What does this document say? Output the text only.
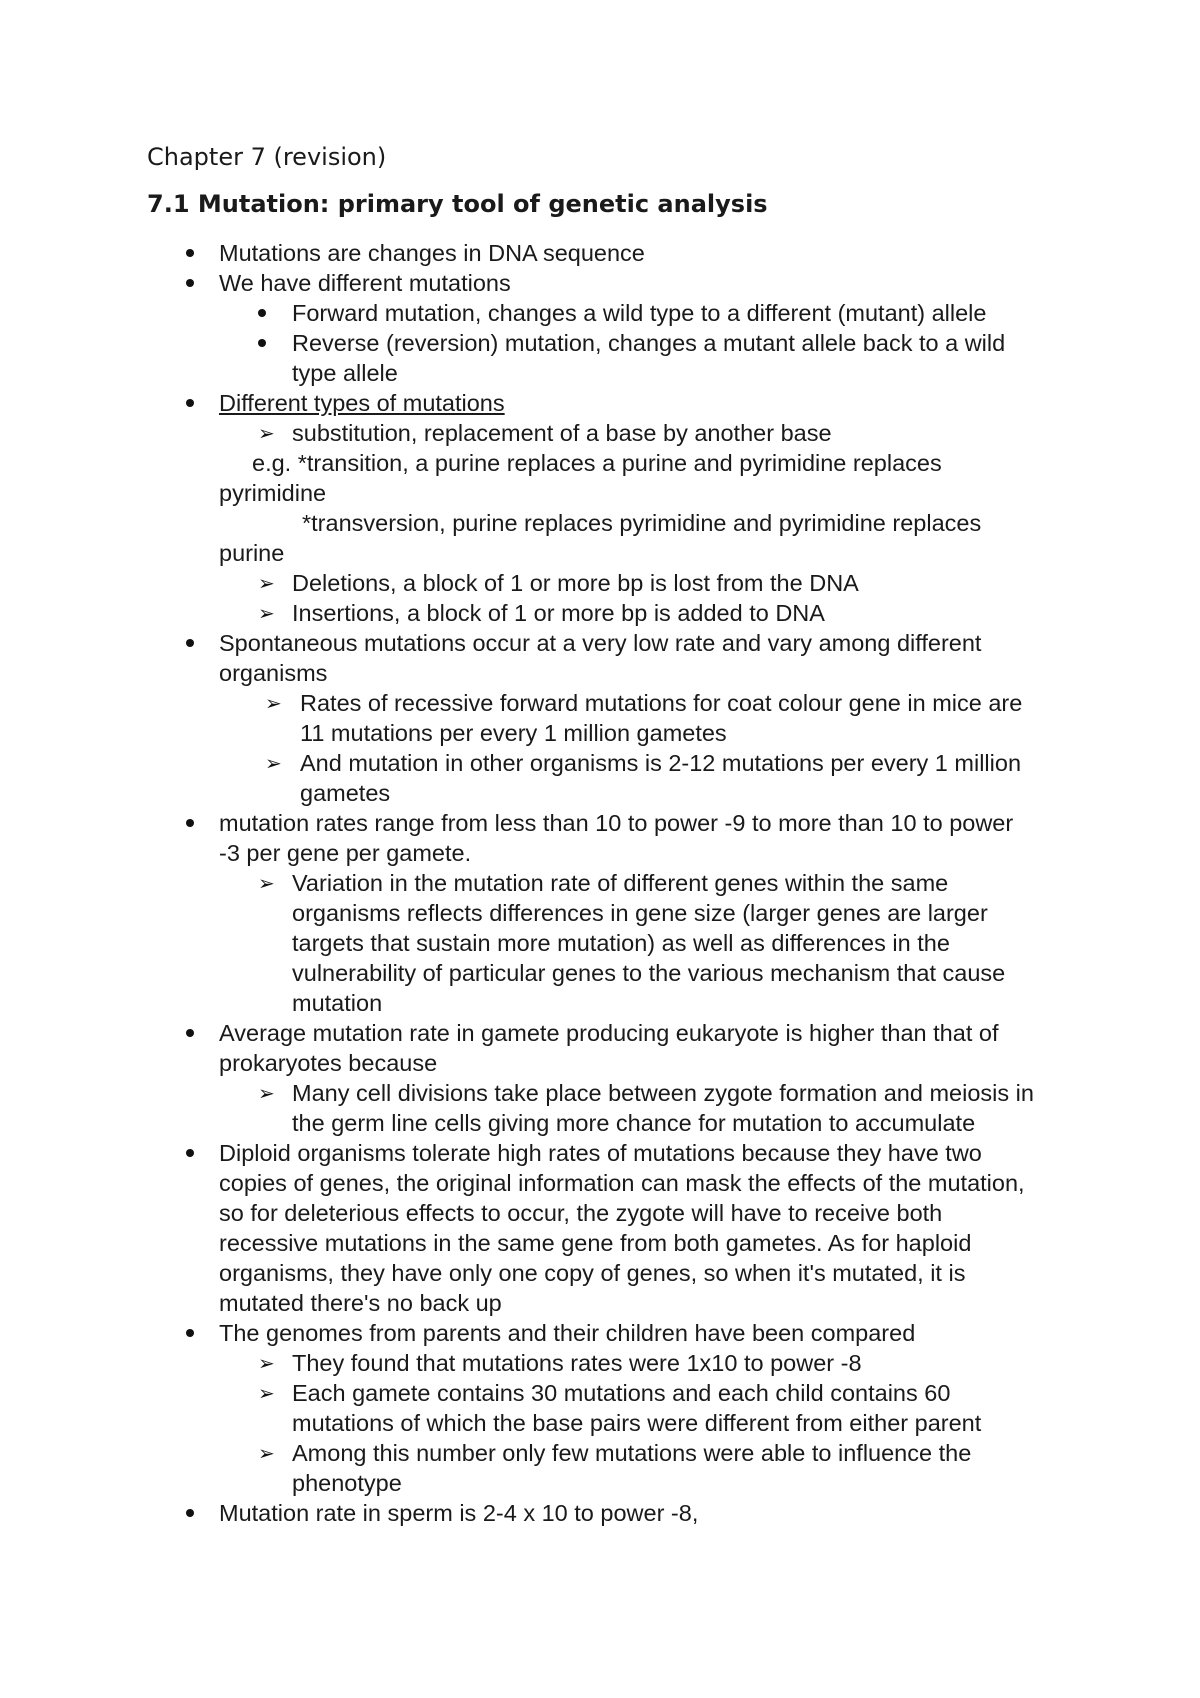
Chapter 7 (revision)
7.1 Mutation: primary tool of genetic analysis
Mutations are changes in DNA sequence
We have different mutations
Forward mutation, changes a wild type to a different (mutant) allele
Reverse (reversion) mutation, changes a mutant allele back to a wild
type allele
Different types of mutations
➢ substitution, replacement of a base by another base
e.g. *transition, a purine replaces a purine and pyrimidine replaces
pyrimidine
*transversion, purine replaces pyrimidine and pyrimidine replaces
purine
➢ Deletions, a block of 1 or more bp is lost from the DNA
➢ Insertions, a block of 1 or more bp is added to DNA
Spontaneous mutations occur at a very low rate and vary among different
organisms
➢ Rates of recessive forward mutations for coat colour gene in mice are
11 mutations per every 1 million gametes
➢ And mutation in other organisms is 2-12 mutations per every 1 million
gametes
mutation rates range from less than 10 to power -9 to more than 10 to power
-3 per gene per gamete.
➢ Variation in the mutation rate of different genes within the same
organisms reflects differences in gene size (larger genes are larger
targets that sustain more mutation) as well as differences in the
vulnerability of particular genes to the various mechanism that cause
mutation
Average mutation rate in gamete producing eukaryote is higher than that of
prokaryotes because
➢ Many cell divisions take place between zygote formation and meiosis in
the germ line cells giving more chance for mutation to accumulate
Diploid organisms tolerate high rates of mutations because they have two
copies of genes, the original information can mask the effects of the mutation,
so for deleterious effects to occur, the zygote will have to receive both
recessive mutations in the same gene from both gametes. As for haploid
organisms, they have only one copy of genes, so when it's mutated, it is
mutated there's no back up
The genomes from parents and their children have been compared
➢ They found that mutations rates were 1x10 to power -8
➢ Each gamete contains 30 mutations and each child contains 60
mutations of which the base pairs were different from either parent
➢ Among this number only few mutations were able to influence the
phenotype
Mutation rate in sperm is 2-4 x 10 to power -8,
